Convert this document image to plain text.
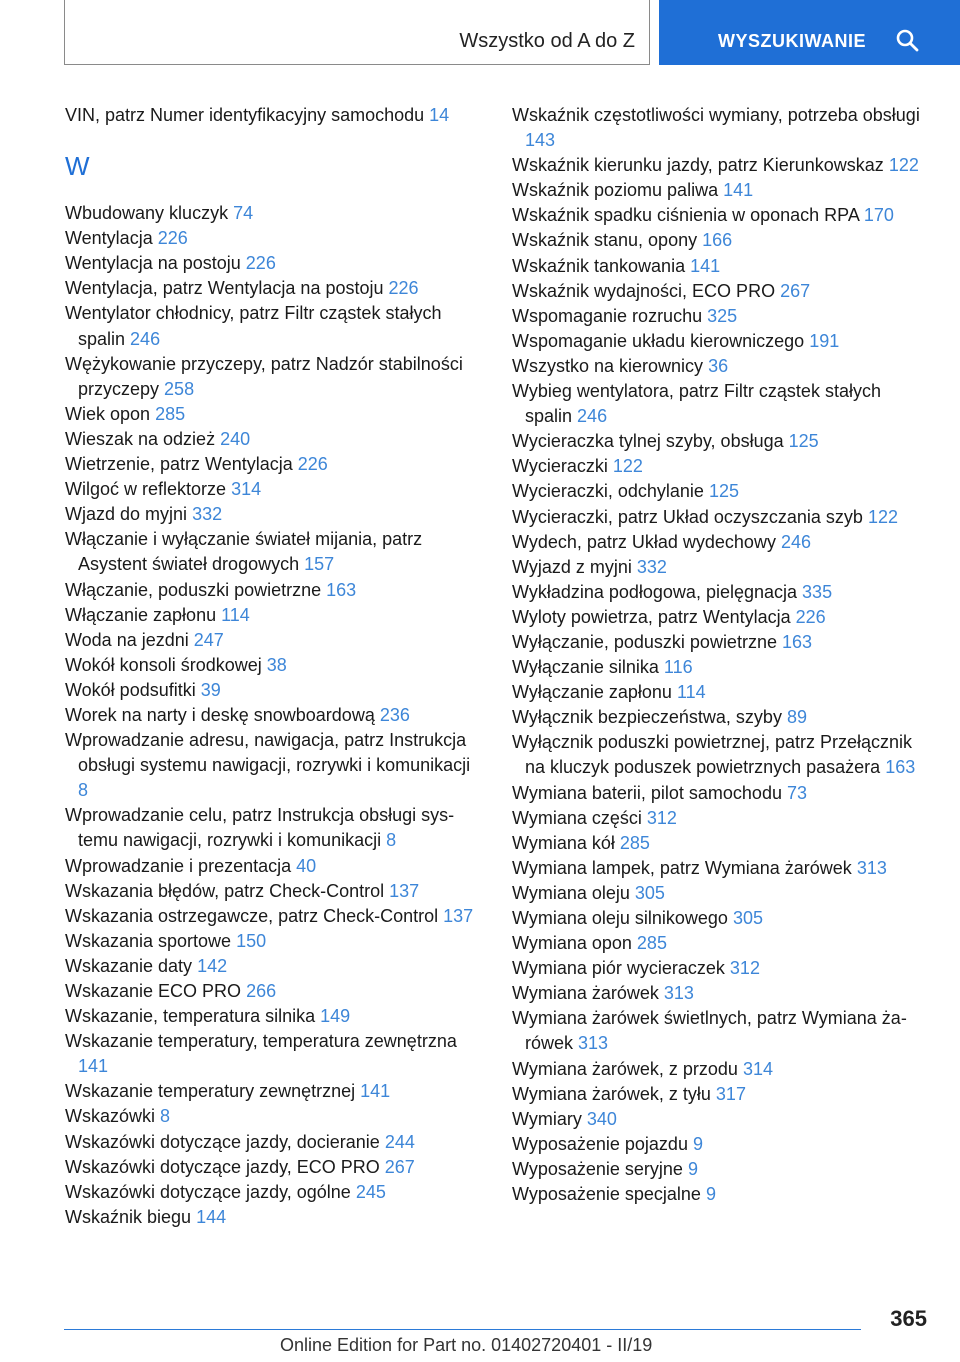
Wszystko od A do Z	WYSZUKIWANIE
VIN, patrz Numer identyfikacyjny samochodu 14
W
Wbudowany kluczyk 74
Wentylacja 226
Wentylacja na postoju 226
Wentylacja, patrz Wentylacja na postoju 226
Wentylator chłodnicy, patrz Filtr cząstek stałych spalin 246
Wężykowanie przyczepy, patrz Nadzór stabilności przyczepy 258
Wiek opon 285
Wieszak na odzież 240
Wietrzenie, patrz Wentylacja 226
Wilgoć w reflektorze 314
Wjazd do myjni 332
Włączanie i wyłączanie świateł mijania, patrz Asystent świateł drogowych 157
Włączanie, poduszki powietrzne 163
Włączanie zapłonu 114
Woda na jezdni 247
Wokół konsoli środkowej 38
Wokół podsufitki 39
Worek na narty i deskę snowboardową 236
Wprowadzanie adresu, nawigacja, patrz Instrukcja obsługi systemu nawigacji, rozrywki i komunikacji 8
Wprowadzanie celu, patrz Instrukcja obsługi systemu nawigacji, rozrywki i komunikacji 8
Wprowadzanie i prezentacja 40
Wskazania błędów, patrz Check-Control 137
Wskazania ostrzegawcze, patrz Check-Control 137
Wskazania sportowe 150
Wskazanie daty 142
Wskazanie ECO PRO 266
Wskazanie, temperatura silnika 149
Wskazanie temperatury, temperatura zewnętrzna 141
Wskazanie temperatury zewnętrznej 141
Wskazówki 8
Wskazówki dotyczące jazdy, docieranie 244
Wskazówki dotyczące jazdy, ECO PRO 267
Wskazówki dotyczące jazdy, ogólne 245
Wskaźnik biegu 144
Wskaźnik częstotliwości wymiany, potrzeba obsługi 143
Wskaźnik kierunku jazdy, patrz Kierunkowskaz 122
Wskaźnik poziomu paliwa 141
Wskaźnik spadku ciśnienia w oponach RPA 170
Wskaźnik stanu, opony 166
Wskaźnik tankowania 141
Wskaźnik wydajności, ECO PRO 267
Wspomaganie rozruchu 325
Wspomaganie układu kierowniczego 191
Wszystko na kierownicy 36
Wybieg wentylatora, patrz Filtr cząstek stałych spalin 246
Wycieraczka tylnej szyby, obsługa 125
Wycieraczki 122
Wycieraczki, odchylanie 125
Wycieraczki, patrz Układ oczyszczania szyb 122
Wydech, patrz Układ wydechowy 246
Wyjazd z myjni 332
Wykładzina podłogowa, pielęgnacja 335
Wyloty powietrza, patrz Wentylacja 226
Wyłączanie, poduszki powietrzne 163
Wyłączanie silnika 116
Wyłączanie zapłonu 114
Wyłącznik bezpieczeństwa, szyby 89
Wyłącznik poduszki powietrznej, patrz Przełącznik na kluczyk poduszek powietrznych pasażera 163
Wymiana baterii, pilot samochodu 73
Wymiana części 312
Wymiana kół 285
Wymiana lampek, patrz Wymiana żarówek 313
Wymiana oleju 305
Wymiana oleju silnikowego 305
Wymiana opon 285
Wymiana piór wycieraczek 312
Wymiana żarówek 313
Wymiana żarówek świetlnych, patrz Wymiana żarówek 313
Wymiana żarówek, z przodu 314
Wymiana żarówek, z tyłu 317
Wymiary 340
Wyposażenie pojazdu 9
Wyposażenie seryjne 9
Wyposażenie specjalne 9
365
Online Edition for Part no. 01402720401 - II/19
